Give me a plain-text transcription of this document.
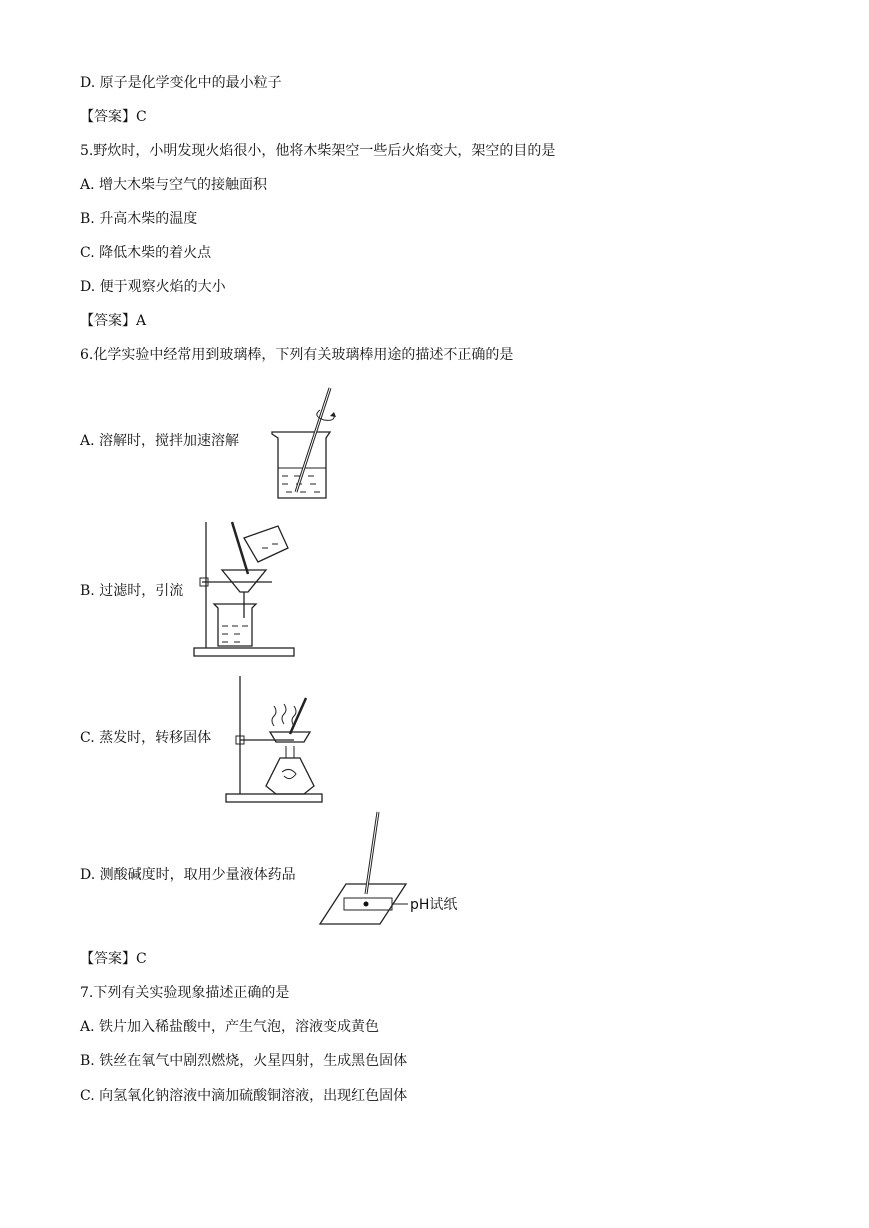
D. 原子是化学变化中的最小粒子
【答案】C
5.野炊时，小明发现火焰很小，他将木柴架空一些后火焰变大，架空的目的是
A. 增大木柴与空气的接触面积
B. 升高木柴的温度
C. 降低木柴的着火点
D. 便于观察火焰的大小
【答案】A
6.化学实验中经常用到玻璃棒，下列有关玻璃棒用途的描述不正确的是
A. 溶解时，搅拌加速溶解
B. 过滤时，引流
C. 蒸发时，转移固体
D. 测酸碱度时，取用少量液体药品
pH试纸
【答案】C
7.下列有关实验现象描述正确的是
A. 铁片加入稀盐酸中，产生气泡，溶液变成黄色
B. 铁丝在氧气中剧烈燃烧，火星四射，生成黑色固体
C. 向氢氧化钠溶液中滴加硫酸铜溶液，出现红色固体
